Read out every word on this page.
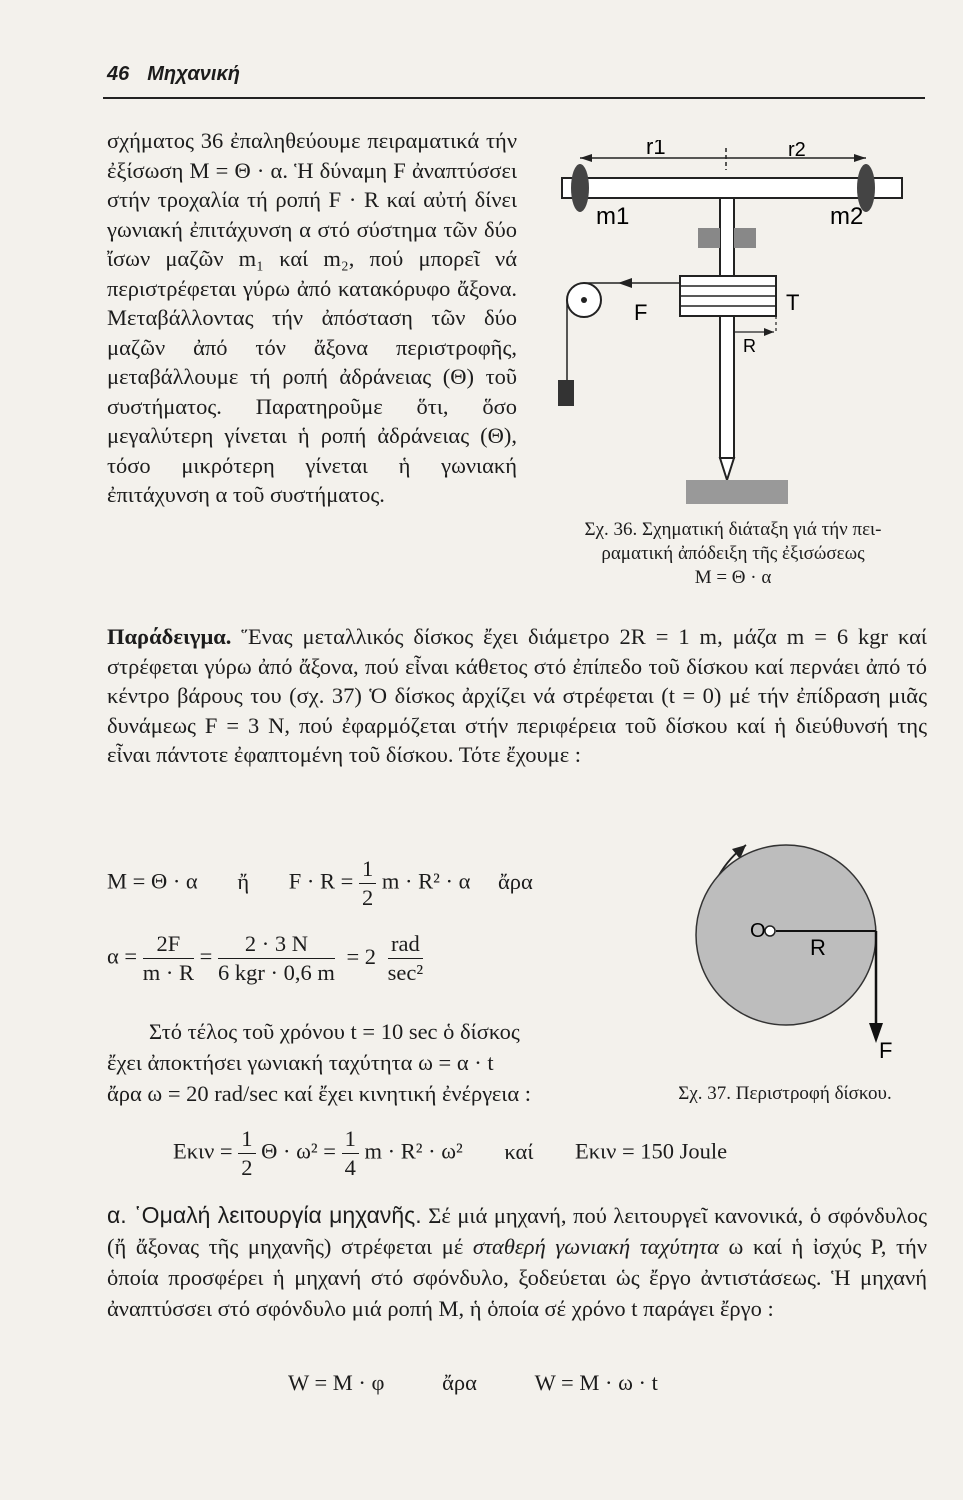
46 Μηχανική

σχήματος 36 ἐπαληθεύουμε πειραματικά τήν ἐξίσωση M = Θ · α. Ἡ δύναμη F ἀναπτύσσει στήν τροχαλία τή ροπή F · R καί αὐτή δίνει γωνιακή ἐπιτάχυνση α στό σύστημα τῶν δύο ἴσων μαζῶν m₁ καί m₂, πού μπορεῖ νά περιστρέφεται γύρω ἀπό κατακόρυφο ἄξονα. Μεταβάλλοντας τήν ἀπόσταση τῶν δύο μαζῶν ἀπό τόν ἄξονα περιστροφῆς, μεταβάλλουμε τή ροπή ἀδράνειας (Θ) τοῦ συστήματος. Παρατηροῦμε ὅτι, ὅσο μεγαλύτερη γίνεται ἡ ροπή ἀδράνειας (Θ), τόσο μικρότερη γίνεται ἡ γωνιακή ἐπιτάχυνση α τοῦ συστήματος.

r1	r2
m1	m2
F	T
R
Σχ. 36. Σχηματική διάταξη γιά τήν πει-
ραματική ἀπόδειξη τῆς ἐξισώσεως
M = Θ · α

Παράδειγμα. Ἕνας μεταλλικός δίσκος ἔχει διάμετρο 2R = 1 m, μάζα m = 6 kgr καί στρέφεται γύρω ἀπό ἄξονα, πού εἶναι κάθετος στό ἐπίπεδο τοῦ δίσκου καί περνάει ἀπό τό κέντρο βάρους του (σχ. 37) Ὁ δίσκος ἀρχίζει νά στρέφεται (t = 0) μέ τήν ἐπίδραση μιᾶς δυνάμεως F = 3 N, πού ἐφαρμόζεται στήν περιφέρεια τοῦ δίσκου καί ἡ διεύθυνσή της εἶναι πάντοτε ἐφαπτομένη τοῦ δίσκου. Τότε ἔχουμε :

M = Θ · α ἤ $F \cdot R = \frac{1}{2}$ m · R² · α ἄρα
$\alpha = \frac{2F}{m \cdot R} = \frac{2 \cdot 3 N}{\text{6 kgr · 0,6 m}} = 2 \frac{\text{rad}}{\text{sec²}}$
Στό τέλος τοῦ χρόνου t = 10 sec ὁ δίσκος
ἔχει ἀποκτήσει γωνιακή ταχύτητα ω = α · t
ἄρα ω = 20 rad/sec καί ἔχει κινητική ἐνέργεια :
O
R
F
Σχ. 37. Περιστροφή δίσκου.
$E\kappa\iota\nu = \frac{1}{2}$ $\Theta \cdot \omega^2 = \frac{1}{4}$ m · R² · ω² καί Eκιν = 150 Joule

α. ῾Ομαλή λειτουργία μηχανῆς. Σέ μιά μηχανή, πού λειτουργεῖ κανονικά, ὁ σφόνδυλος (ἤ ἄξονας τῆς μηχανῆς) στρέφεται μέ σταθερή γωνιακή ταχύτητα ω καί ἡ ἰσχύς P, τήν ὁποία προσφέρει ἡ μηχανή στό σφόνδυλο, ξοδεύεται ὡς ἔργο ἀντιστάσεως. Ἡ μηχανή ἀναπτύσσει στό σφόνδυλο μιά ροπή M, ἡ ὁποία σέ χρόνο t παράγει ἔργο :

W = M · φ	ἄρα	W = M · ω · t
